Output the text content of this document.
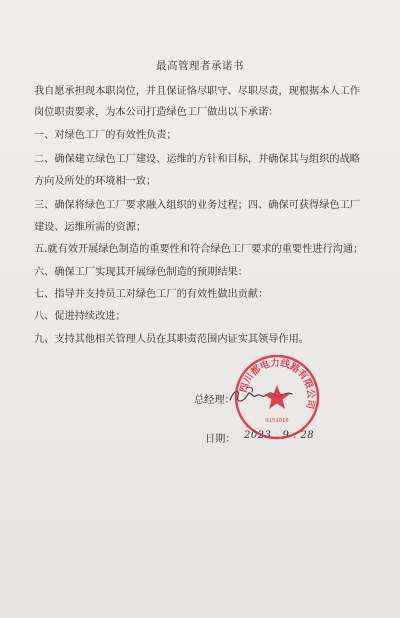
最高管理者承诺书
我自愿承担现本职岗位，并且保证恪尽职守、尽职尽责，现根据本人工作
岗位职责要求，为本公司打造绿色工厂做出以下承诺：
一、对绿色工厂的有效性负责；
二、确保建立绿色工厂建设、运维的方针和目标，并确保其与组织的战略
方向及所处的环境相一致；
三、确保将绿色工厂要求融入组织的业务过程；四、确保可获得绿色工厂
建设、运维所需的资源；
五.就有效开展绿色制造的重要性和符合绿色工厂要求的重要性进行沟通；
六、确保工厂实现其开展绿色制造的预期结果：
七、指导并支持员工对绿色工厂的有效性做出贡献：
八、促进持续改进；
九、支持其他相关管理人员在其职责范围内证实其领导作用。
总经理：
日期： 2023 . 9 . 28
四川都电力线路有限公司
9151010
